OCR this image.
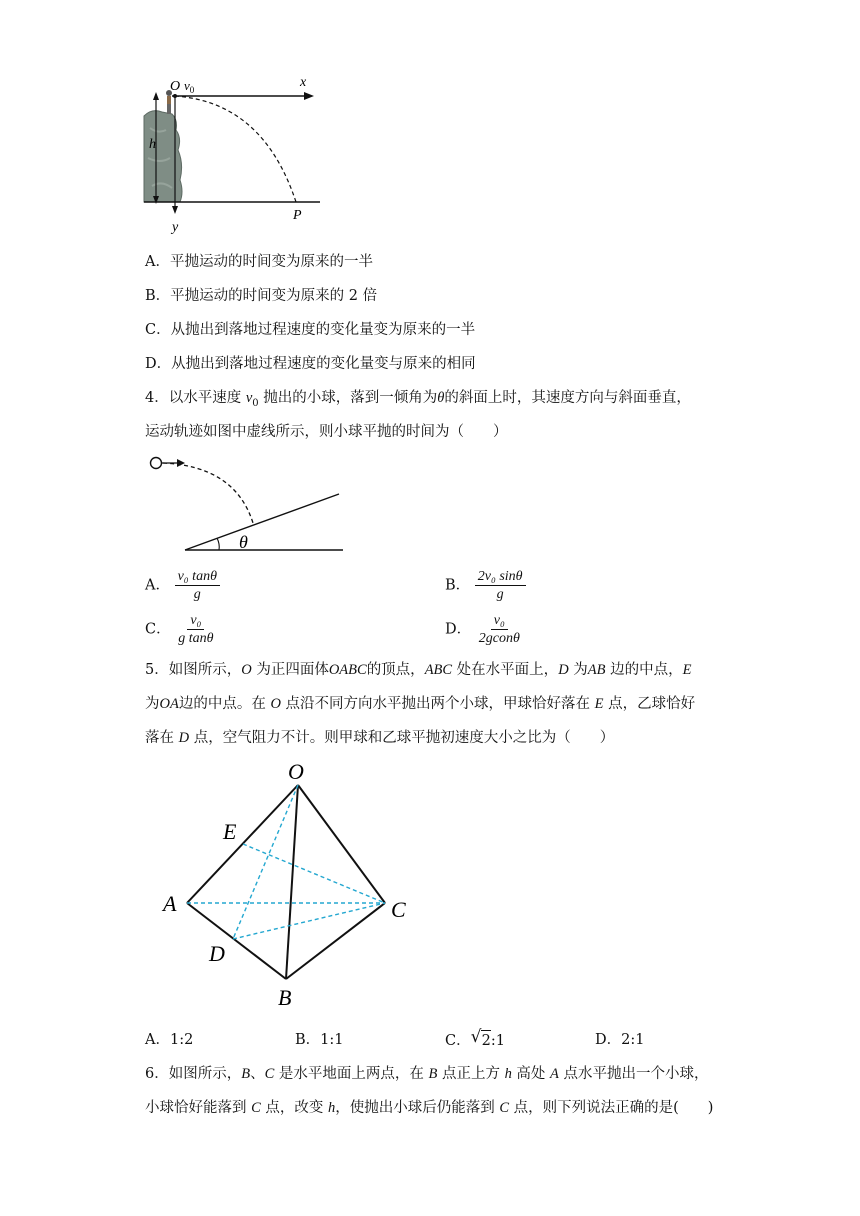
O $v_0$	x
h
y
P
A．平抛运动的时间变为原来的一半
B．平抛运动的时间变为原来的 2 倍
C．从抛出到落地过程速度的变化量变为原来的一半
D．从抛出到落地过程速度的变化量变与原来的相同
4．以水平速度 $v_0$ 抛出的小球，落到一倾角为θ的斜面上时，其速度方向与斜面垂直，
运动轨迹如图中虚线所示，则小球平抛的时间为（　　）
θ
A． $\frac{\text{v₀ tanθ}}{g}$	B． $\frac{\text{2v₀ sinθ}}{g}$
C． $\frac{\text{v₀}}{\text{g tanθ}}$	D． $\frac{\text{v₀}}{\text{2gconθ}}$
5．如图所示，O 为正四面体OABC的顶点，ABC 处在水平面上，D 为AB 边的中点，E
为OA边的中点。在 O 点沿不同方向水平抛出两个小球，甲球恰好落在 E 点，乙球恰好
落在 D 点，空气阻力不计。则甲球和乙球平抛初速度大小之比为（　　）
O
E
A	C
D
B
A．1:2	B．1:1	C． √ 2:1	D．2:1
6．如图所示，B、C 是水平地面上两点，在 B 点正上方 h 高处 A 点水平抛出一个小球，
小球恰好能落到 C 点，改变 h，使抛出小球后仍能落到 C 点，则下列说法正确的是(　　)
